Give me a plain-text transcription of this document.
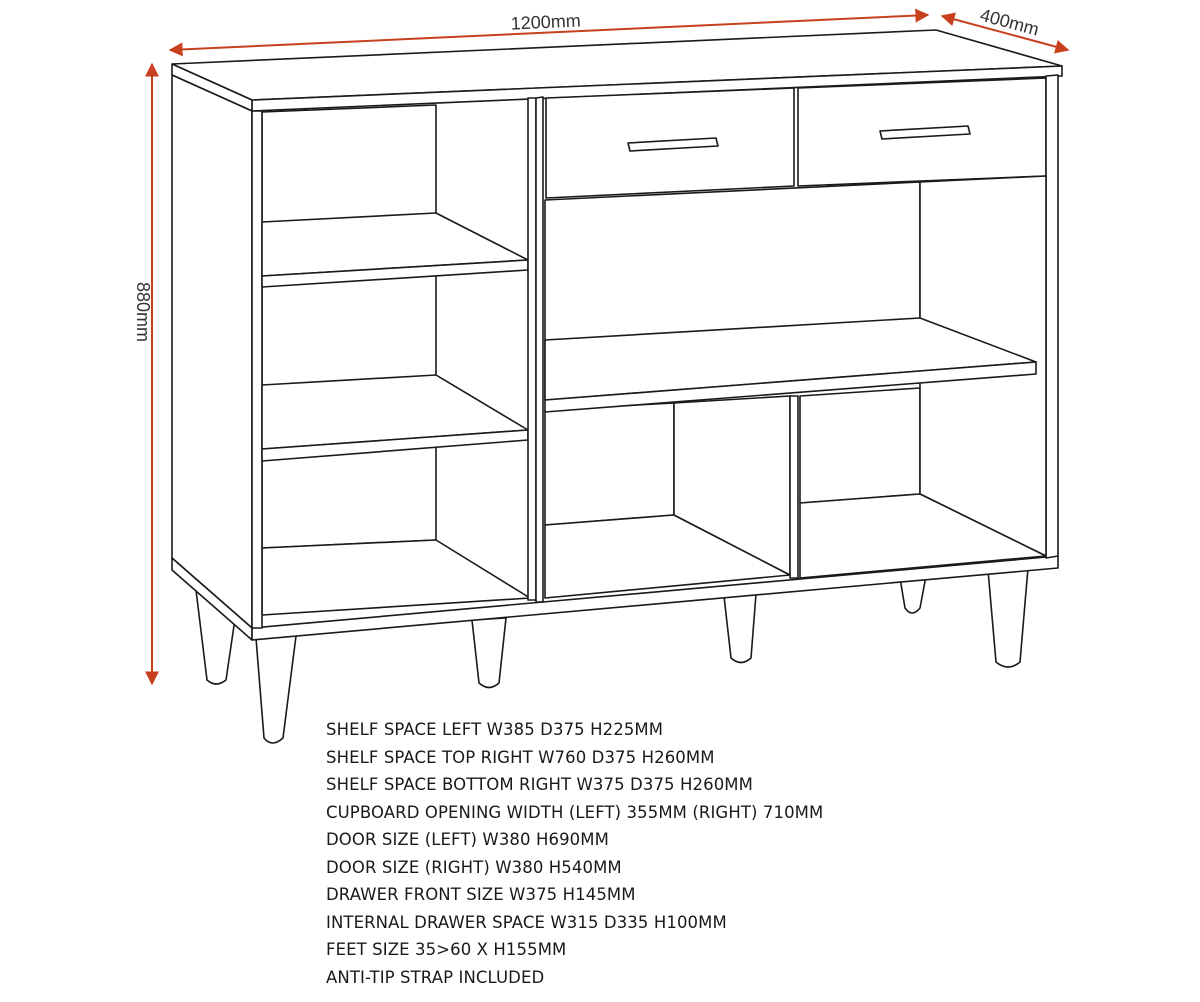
1200mm	400mm
880mm
SHELF SPACE LEFT W385 D375 H225MM
SHELF SPACE TOP RIGHT W760 D375 H260MM
SHELF SPACE BOTTOM RIGHT W375 D375 H260MM
CUPBOARD OPENING WIDTH (LEFT) 355MM (RIGHT) 710MM
DOOR SIZE (LEFT) W380 H690MM
DOOR SIZE (RIGHT) W380 H540MM
DRAWER FRONT SIZE W375 H145MM
INTERNAL DRAWER SPACE W315 D335 H100MM
FEET SIZE 35>60 X H155MM
ANTI-TIP STRAP INCLUDED
